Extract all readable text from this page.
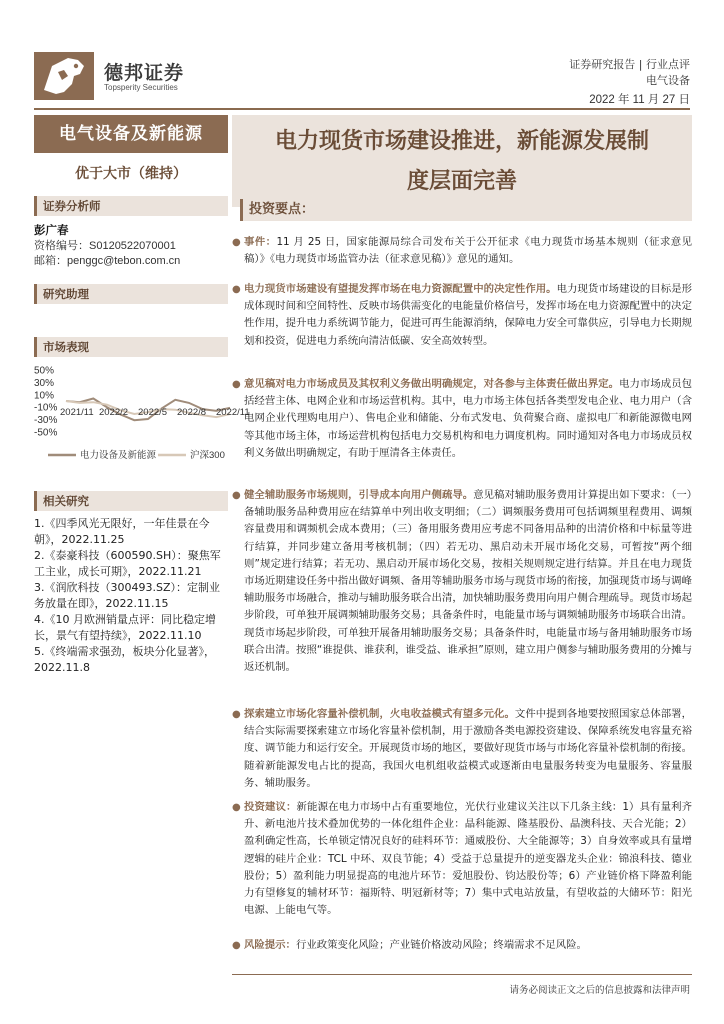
德邦证券
Topsperity Securities
证券研究报告 | 行业点评
电气设备
2022 年 11 月 27 日
电气设备及新能源
优于大市（维持）
证券分析师
彭广春
资格编号：S0120522070001
邮箱：penggc@tebon.com.cn
研究助理
市场表现
50%
30%
10%
-10%
-30%
-50%
2021/11 2022/2 2022/5 2022/8 2022/11
电力设备及新能源	沪深300
相关研究
1.《四季风光无限好，一年佳景在今朝》，2022.11.25
2.《泰豪科技（600590.SH）：聚焦军工主业，成长可期》，2022.11.21
3.《润欣科技（300493.SZ）：定制业务放量在即》，2022.11.15
4.《10 月欧洲销量点评：同比稳定增长，景气有望持续》，2022.11.10
5.《终端需求强劲，板块分化显著》，2022.11.8
电力现货市场建设推进，新能源发展制
度层面完善
投资要点：
● 事件：11 月 25 日，国家能源局综合司发布关于公开征求《电力现货市场基本规则（征求意见稿）》《电力现货市场监管办法（征求意见稿）》意见的通知。
● 电力现货市场建设有望提发挥市场在电力资源配置中的决定性作用。电力现货市场建设的目标是形成体现时间和空间特性、反映市场供需变化的电能量价格信号，发挥市场在电力资源配置中的决定性作用，提升电力系统调节能力，促进可再生能源消纳，保障电力安全可靠供应，引导电力长期规划和投资，促进电力系统向清洁低碳、安全高效转型。
● 意见稿对电力市场成员及其权利义务做出明确规定，对各参与主体责任做出界定。电力市场成员包括经营主体、电网企业和市场运营机构。其中，电力市场主体包括各类型发电企业、电力用户（含电网企业代理购电用户）、售电企业和储能、分布式发电、负荷聚合商、虚拟电厂和新能源微电网等其他市场主体，市场运营机构包括电力交易机构和电力调度机构。同时通知对各电力市场成员权利义务做出明确规定，有助于厘清各主体责任。
● 健全辅助服务市场规则，引导成本向用户侧疏导。意见稿对辅助服务费用计算提出如下要求：（一）备辅助服务品种费用应在结算单中列出收支明细；（二）调频服务费用可包括调频里程费用、调频容量费用和调频机会成本费用；（三）备用服务费用应考虑不同备用品种的出清价格和中标量等进行结算，并同步建立备用考核机制；（四）若无功、黑启动未开展市场化交易，可暂按“两个细则”规定进行结算；若无功、黑启动开展市场化交易，按相关规则规定进行结算。并且在电力现货市场近期建设任务中指出做好调频、备用等辅助服务市场与现货市场的衔接，加强现货市场与调峰辅助服务市场融合，推动与辅助服务联合出清，加快辅助服务费用向用户侧合理疏导。现货市场起步阶段，可单独开展调频辅助服务交易；具备条件时，电能量市场与调频辅助服务市场联合出清。现货市场起步阶段，可单独开展备用辅助服务交易；具备条件时，电能量市场与备用辅助服务市场联合出清。按照“谁提供、谁获利，谁受益、谁承担”原则，建立用户侧参与辅助服务费用的分摊与返还机制。
● 探索建立市场化容量补偿机制，火电收益模式有望多元化。文件中提到各地要按照国家总体部署，结合实际需要探索建立市场化容量补偿机制，用于激励各类电源投资建设、保障系统发电容量充裕度、调节能力和运行安全。开展现货市场的地区，要做好现货市场与市场化容量补偿机制的衔接。随着新能源发电占比的提高，我国火电机组收益模式或逐渐由电量服务转变为电量服务、容量服务、辅助服务。
● 投资建议：新能源在电力市场中占有重要地位，光伏行业建议关注以下几条主线：1）具有量利齐升、新电池片技术叠加优势的一体化组件企业：晶科能源、隆基股份、晶澳科技、天合光能；2）盈利确定性高，长单锁定情况良好的硅料环节：通威股份、大全能源等；3）自身效率或具有量增逻辑的硅片企业：TCL 中环、双良节能；4）受益于总量提升的逆变器龙头企业：锦浪科技、德业股份；5）盈利能力明显提高的电池片环节：爱旭股份、钧达股份等；6）产业链价格下降盈利能力有望修复的辅材环节：福斯特、明冠新材等；7）集中式电站放量，有望收益的大储环节：阳光电源、上能电气等。
● 风险提示：行业政策变化风险；产业链价格波动风险；终端需求不足风险。
请务必阅读正文之后的信息披露和法律声明
